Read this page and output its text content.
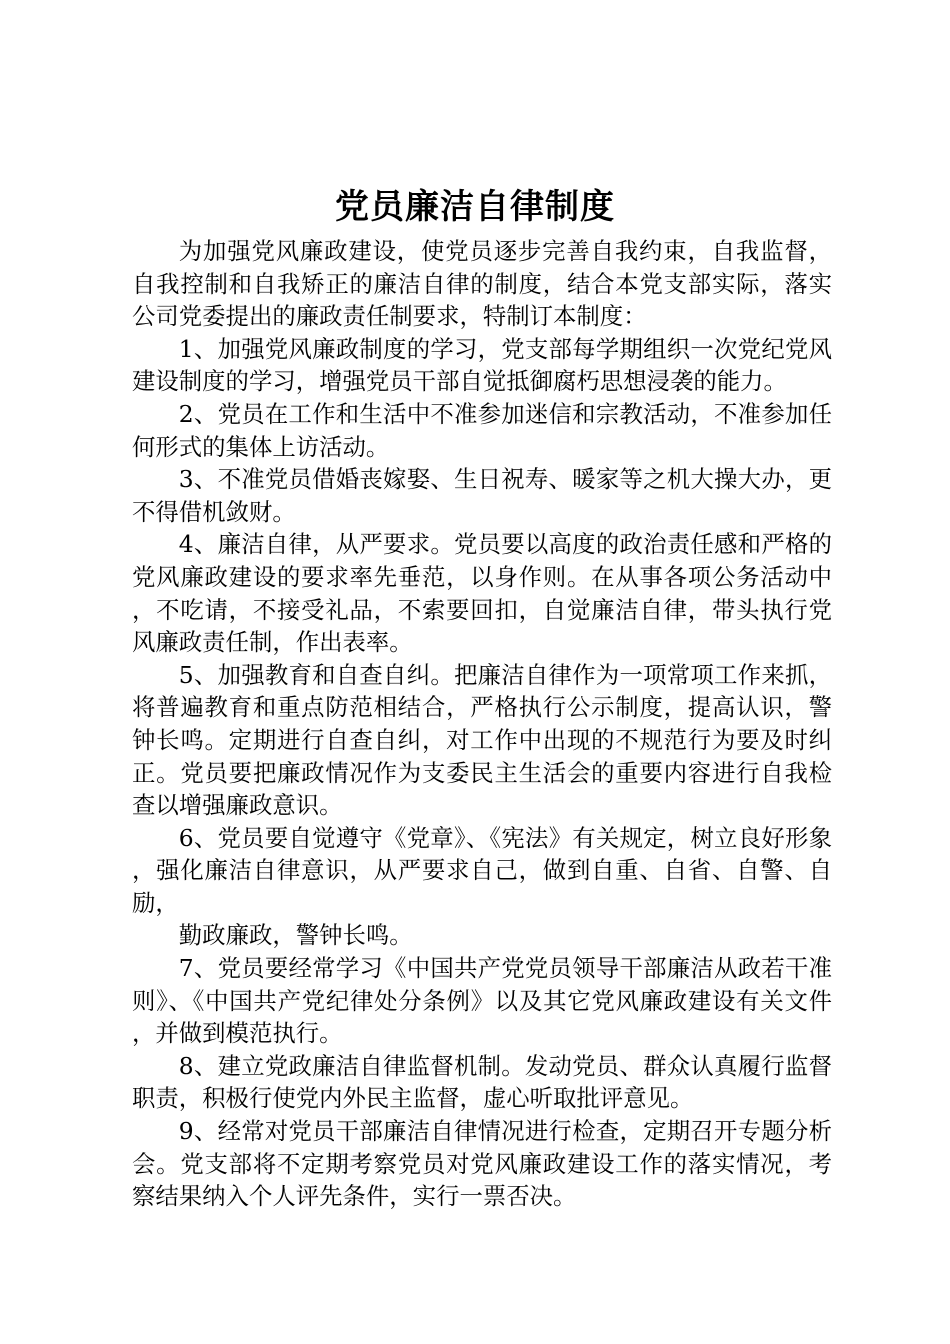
党员廉洁自律制度

为加强党风廉政建设，使党员逐步完善自我约束，自我监督，自我控制和自我矫正的廉洁自律的制度，结合本党支部实际，落实公司党委提出的廉政责任制要求，特制订本制度：

1、加强党风廉政制度的学习，党支部每学期组织一次党纪党风建设制度的学习，增强党员干部自觉抵御腐朽思想浸袭的能力。

2、党员在工作和生活中不准参加迷信和宗教活动，不准参加任何形式的集体上访活动。

3、不准党员借婚丧嫁娶、生日祝寿、暖家等之机大操大办，更不得借机敛财。

4、廉洁自律，从严要求。党员要以高度的政治责任感和严格的党风廉政建设的要求率先垂范，以身作则。在从事各项公务活动中，不吃请，不接受礼品，不索要回扣，自觉廉洁自律，带头执行党风廉政责任制，作出表率。

5、加强教育和自查自纠。把廉洁自律作为一项常项工作来抓，将普遍教育和重点防范相结合，严格执行公示制度，提高认识，警钟长鸣。定期进行自查自纠，对工作中出现的不规范行为要及时纠正。党员要把廉政情况作为支委民主生活会的重要内容进行自我检查以增强廉政意识。

6、党员要自觉遵守《党章》、《宪法》有关规定，树立良好形象，强化廉洁自律意识，从严要求自己，做到自重、自省、自警、自励，

勤政廉政，警钟长鸣。

7、党员要经常学习《中国共产党党员领导干部廉洁从政若干准则》、《中国共产党纪律处分条例》以及其它党风廉政建设有关文件，并做到模范执行。

8、建立党政廉洁自律监督机制。发动党员、群众认真履行监督职责，积极行使党内外民主监督，虚心听取批评意见。

9、经常对党员干部廉洁自律情况进行检查，定期召开专题分析会。党支部将不定期考察党员对党风廉政建设工作的落实情况，考察结果纳入个人评先条件，实行一票否决。
